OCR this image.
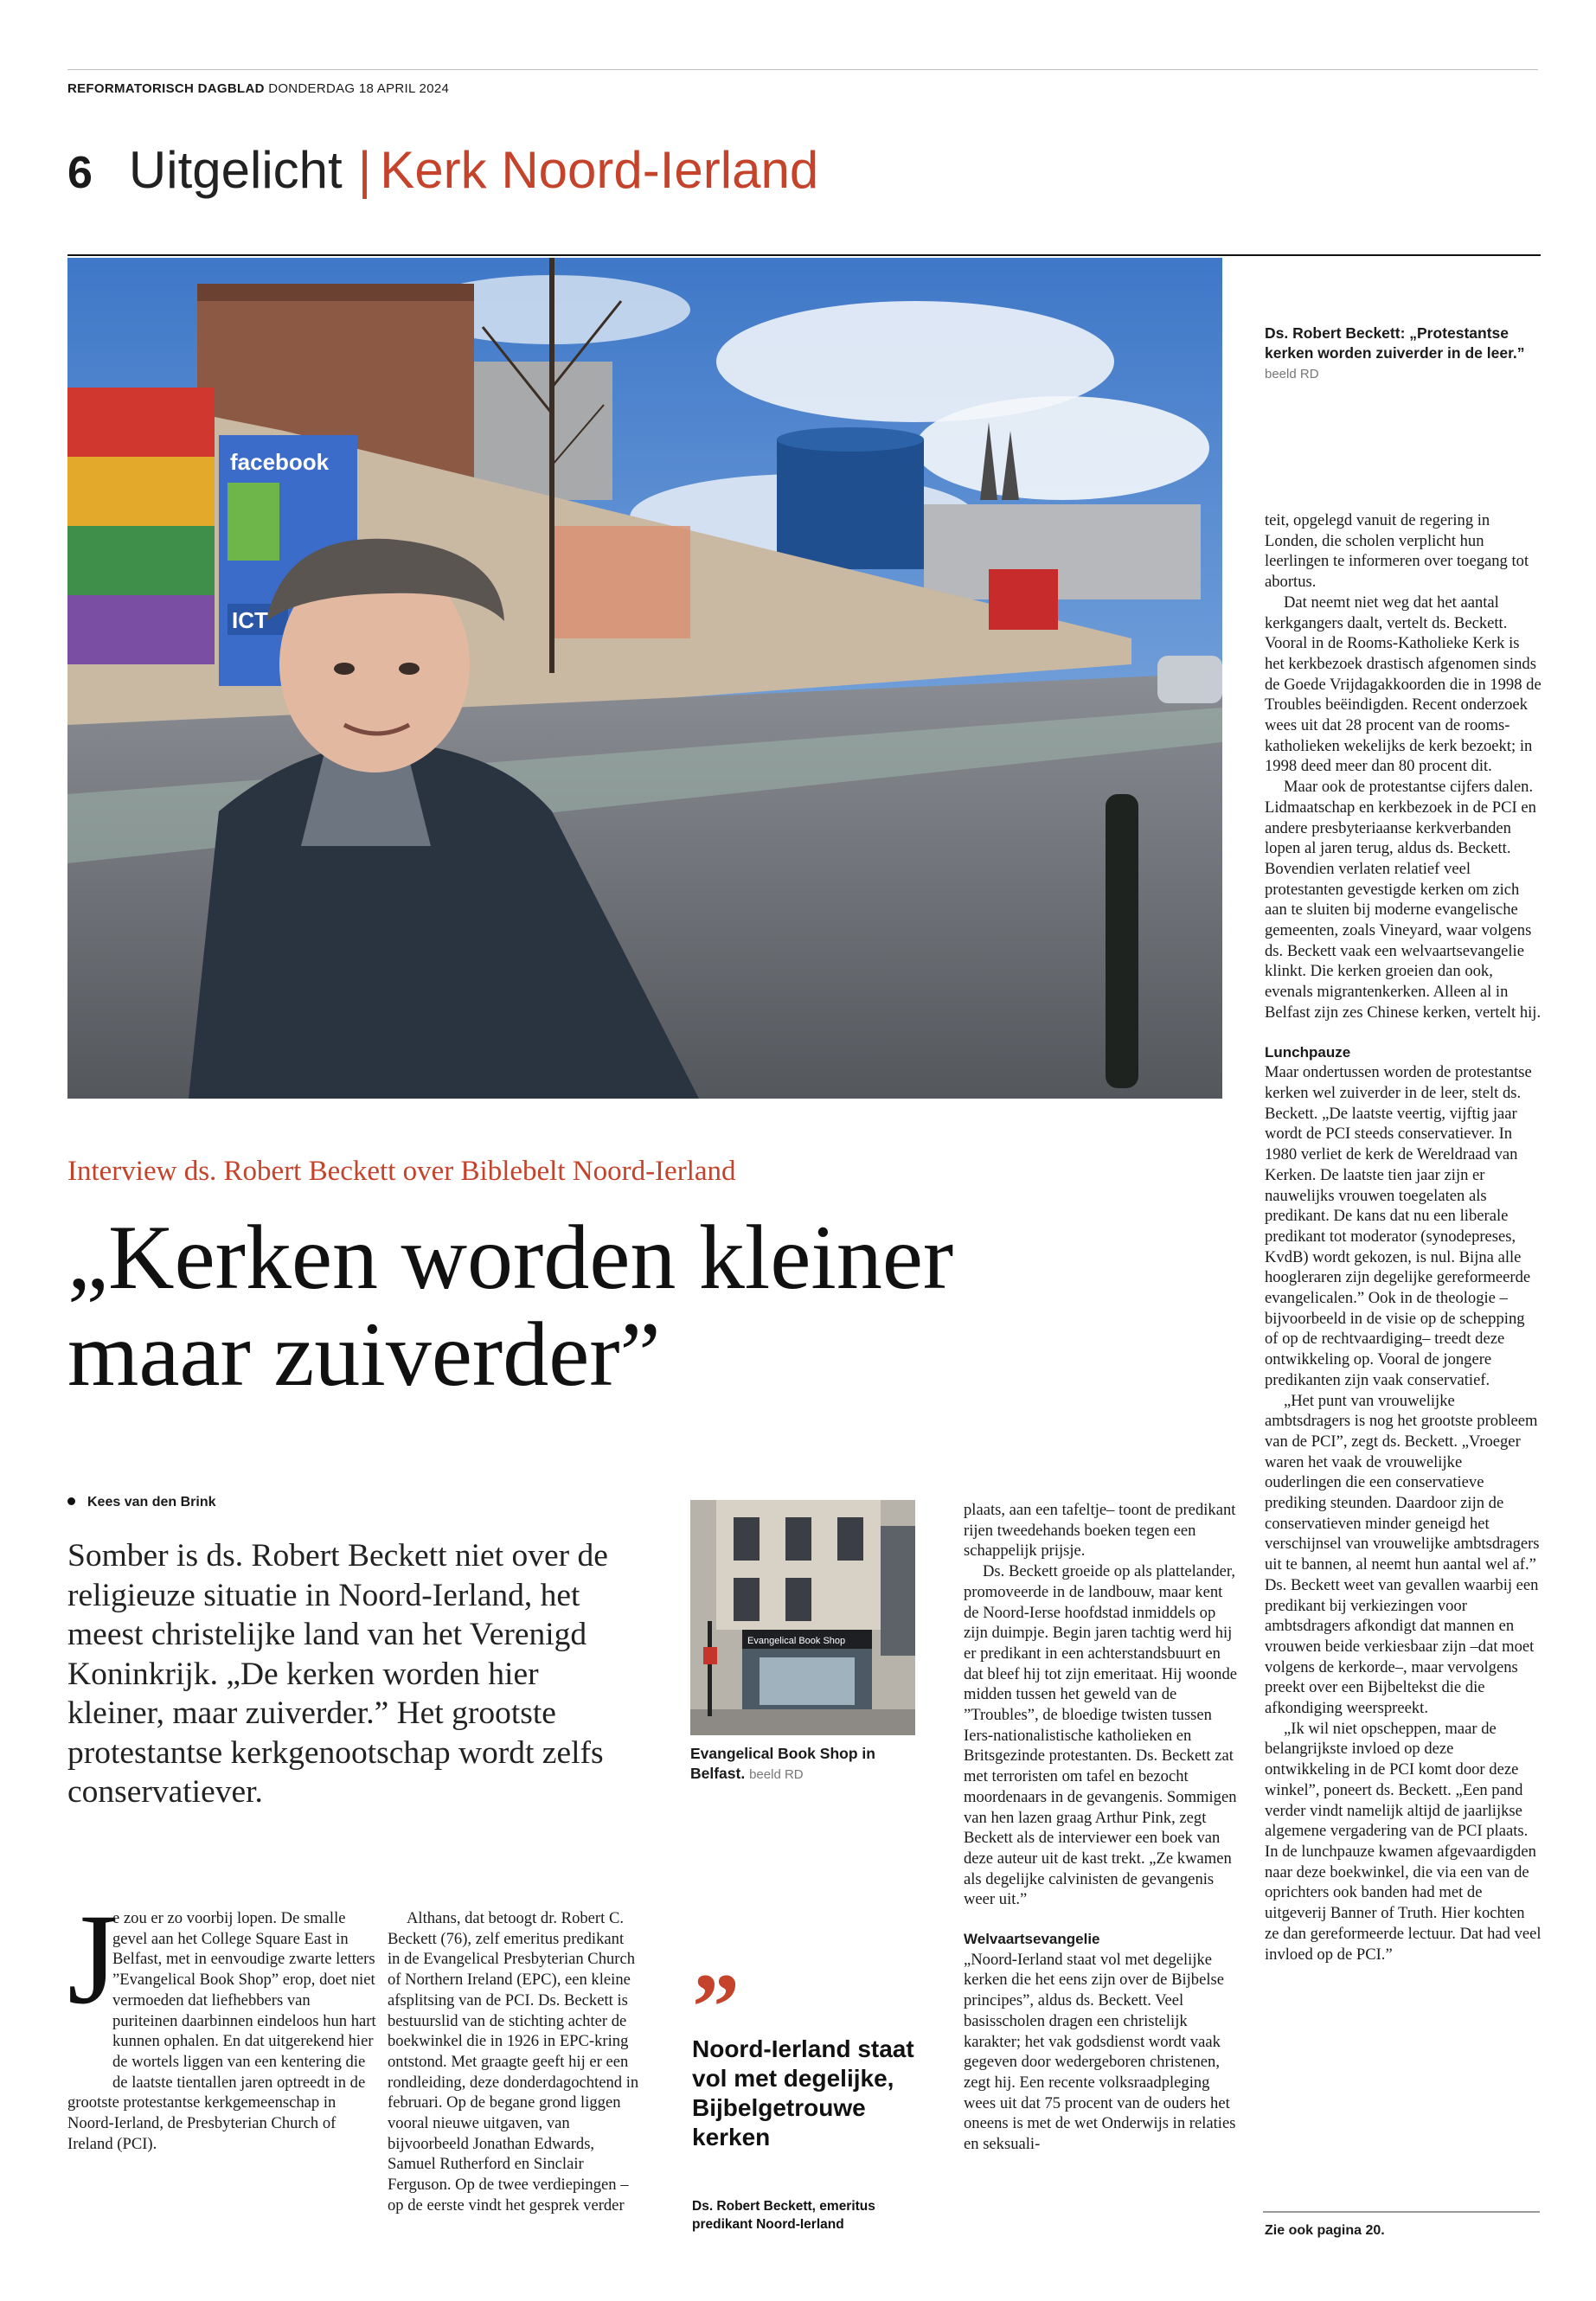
REFORMATORISCH DAGBLAD DONDERDAG 18 APRIL 2024
6 Uitgelicht | Kerk Noord-Ierland
facebook
ICT
Ds. Robert Beckett: „Protestantse kerken worden zuiverder in de leer.” beeld RD

teit, opgelegd vanuit de regering in Londen, die scholen verplicht hun leerlingen te informeren over toegang tot abortus.

Dat neemt niet weg dat het aantal kerkgangers daalt, vertelt ds. Beckett. Vooral in de Rooms-Katholieke Kerk is het kerkbezoek drastisch afgenomen sinds de Goede Vrijdagakkoorden die in 1998 de Troubles beëindigden. Recent onderzoek wees uit dat 28 procent van de rooms-katholieken wekelijks de kerk bezoekt; in 1998 deed meer dan 80 procent dit.

Maar ook de protestantse cijfers dalen. Lidmaatschap en kerkbezoek in de PCI en andere presbyteriaanse kerkverbanden lopen al jaren terug, aldus ds. Beckett. Bovendien verlaten relatief veel protestanten gevestigde kerken om zich aan te sluiten bij moderne evangelische gemeenten, zoals Vineyard, waar volgens ds. Beckett vaak een welvaartsevangelie klinkt. Die kerken groeien dan ook, evenals migrantenkerken. Alleen al in Belfast zijn zes Chinese kerken, vertelt hij.

Lunchpauze

Maar ondertussen worden de protestantse kerken wel zuiverder in de leer, stelt ds. Beckett. „De laatste veertig, vijftig jaar wordt de PCI steeds conservatiever. In 1980 verliet de kerk de Wereldraad van Kerken. De laatste tien jaar zijn er nauwelijks vrouwen toegelaten als predikant. De kans dat nu een liberale predikant tot moderator (synodepreses, KvdB) wordt gekozen, is nul. Bijna alle hoogleraren zijn degelijke gereformeerde evangelicalen.” Ook in de theologie –bijvoorbeeld in de visie op de schepping of op de rechtvaardiging– treedt deze ontwikkeling op. Vooral de jongere predikanten zijn vaak conservatief.

„Het punt van vrouwelijke ambtsdragers is nog het grootste probleem van de PCI”, zegt ds. Beckett. „Vroeger waren het vaak de vrouwelijke ouderlingen die een conservatieve prediking steunden. Daardoor zijn de conservatieven minder geneigd het verschijnsel van vrouwelijke ambtsdragers uit te bannen, al neemt hun aantal wel af.” Ds. Beckett weet van gevallen waarbij een predikant bij verkiezingen voor ambtsdragers afkondigt dat mannen en vrouwen beide verkiesbaar zijn –dat moet volgens de kerkorde–, maar vervolgens preekt over een Bijbeltekst die die afkondiging weerspreekt.

„Ik wil niet opscheppen, maar de belangrijkste invloed op deze ontwikkeling in de PCI komt door deze winkel”, poneert ds. Beckett. „Een pand verder vindt namelijk altijd de jaarlijkse algemene vergadering van de PCI plaats. In de lunchpauze kwamen afgevaardigden naar deze boekwinkel, die via een van de oprichters ook banden had met de uitgeverij Banner of Truth. Hier kochten ze dan gereformeerde lectuur. Dat had veel invloed op de PCI.”

Zie ook pagina 20.
Interview ds. Robert Beckett over Biblebelt Noord-Ierland
„Kerken worden kleiner
maar zuiverder”
Kees van den Brink
Somber is ds. Robert Beckett niet over de religieuze situatie in Noord-Ierland, het meest christelijke land van het Verenigd Koninkrijk. „De kerken worden hier kleiner, maar zuiverder.” Het grootste protestantse kerkgenootschap wordt zelfs conservatiever.
J

e zou er zo voorbij lopen. De smalle gevel aan het College Square East in Belfast, met in eenvoudige zwarte letters ”Evangelical Book Shop” erop, doet niet vermoeden dat liefhebbers van puriteinen daarbinnen eindeloos hun hart kunnen ophalen. En dat uitgerekend hier de wortels liggen van een kentering die de laatste tientallen jaren optreedt in de grootste protestantse kerkgemeenschap in Noord-Ierland, de Presbyterian Church of Ireland (PCI).

Althans, dat betoogt dr. Robert C. Beckett (76), zelf emeritus predikant in de Evangelical Presbyterian Church of Northern Ireland (EPC), een kleine afsplitsing van de PCI. Ds. Beckett is bestuurslid van de stichting achter de boekwinkel die in 1926 in EPC-kring ontstond. Met graagte geeft hij er een rondleiding, deze donderdagochtend in februari. Op de begane grond liggen vooral nieuwe uitgaven, van bijvoorbeeld Jonathan Edwards, Samuel Rutherford en Sinclair Ferguson. Op de twee verdiepingen –op de eerste vindt het gesprek verder

Evangelical Book Shop
Evangelical Book Shop in Belfast. beeld RD
”
Noord-Ierland staat vol met degelijke, Bijbelgetrouwe kerken
Ds. Robert Beckett, emeritus predikant Noord-Ierland

plaats, aan een tafeltje– toont de predikant rijen tweedehands boeken tegen een schappelijk prijsje.

Ds. Beckett groeide op als plattelander, promoveerde in de landbouw, maar kent de Noord-Ierse hoofdstad inmiddels op zijn duimpje. Begin jaren tachtig werd hij er predikant in een achterstandsbuurt en dat bleef hij tot zijn emeritaat. Hij woonde midden tussen het geweld van de ”Troubles”, de bloedige twisten tussen Iers-nationalistische katholieken en Britsgezinde protestanten. Ds. Beckett zat met terroristen om tafel en bezocht moordenaars in de gevangenis. Sommigen van hen lazen graag Arthur Pink, zegt Beckett als de interviewer een boek van deze auteur uit de kast trekt. „Ze kwamen als degelijke calvinisten de gevangenis weer uit.”

Welvaartsevangelie

„Noord-Ierland staat vol met degelijke kerken die het eens zijn over de Bijbelse principes”, aldus ds. Beckett. Veel basisscholen dragen een christelijk karakter; het vak godsdienst wordt vaak gegeven door wedergeboren christenen, zegt hij. Een recente volksraadpleging wees uit dat 75 procent van de ouders het oneens is met de wet Onderwijs in relaties en seksuali-
